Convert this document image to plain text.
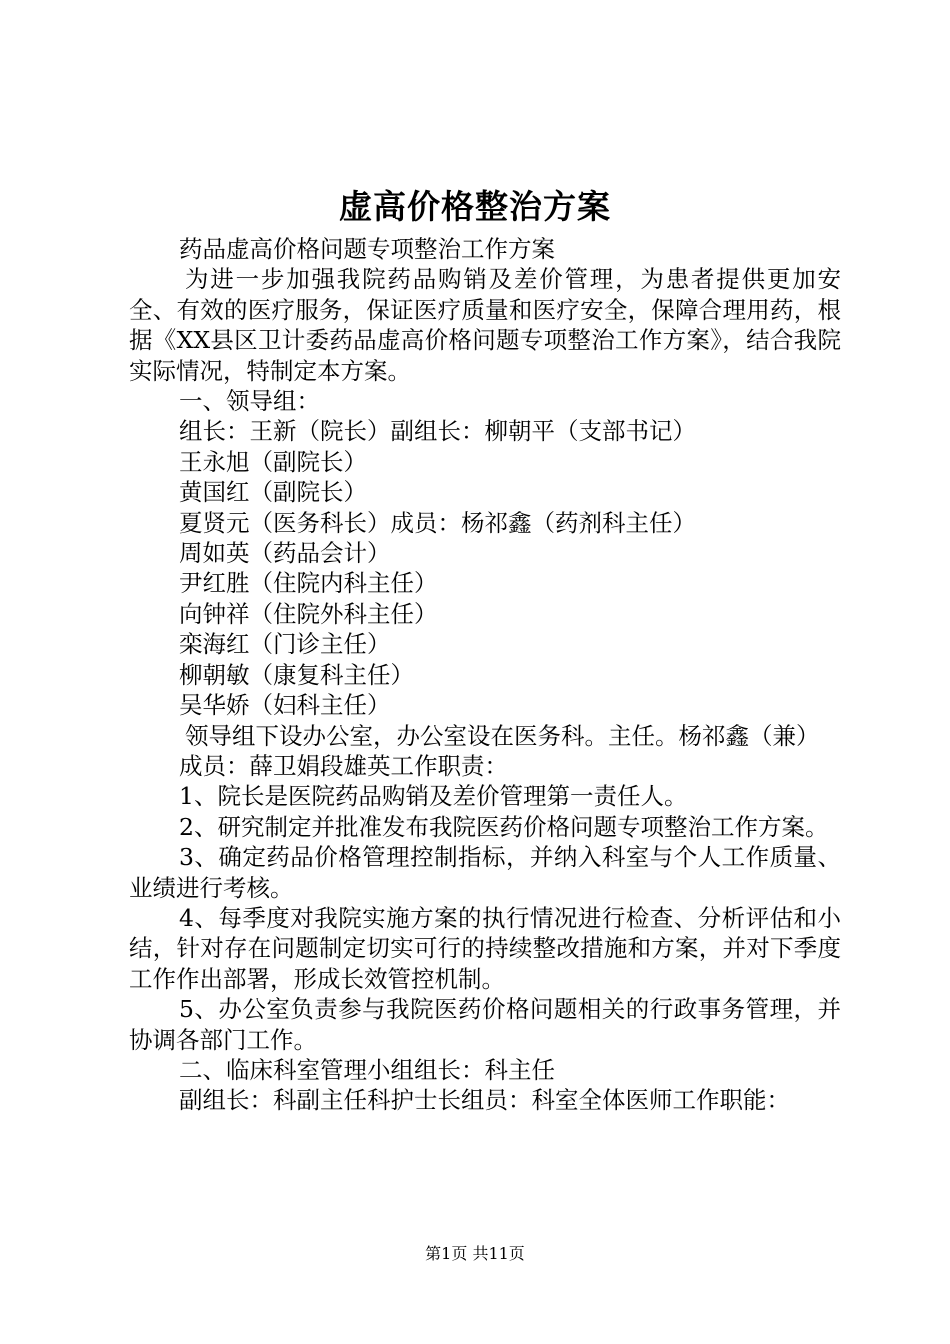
虚高价格整治方案

药品虚高价格问题专项整治工作方案

为进一步加强我院药品购销及差价管理，为患者提供更加安全、有效的医疗服务，保证医疗质量和医疗安全，保障合理用药，根据《XX县区卫计委药品虚高价格问题专项整治工作方案》，结合我院实际情况，特制定本方案。

一、领导组：

组长：王新（院长）副组长：柳朝平（支部书记）

王永旭（副院长）

黄国红（副院长）

夏贤元（医务科长）成员：杨祁鑫（药剂科主任）

周如英（药品会计）

尹红胜（住院内科主任）

向钟祥（住院外科主任）

栾海红（门诊主任）

柳朝敏（康复科主任）

吴华娇（妇科主任）

领导组下设办公室，办公室设在医务科。主任。杨祁鑫（兼）

成员：薛卫娟段雄英工作职责：

1、院长是医院药品购销及差价管理第一责任人。

2、研究制定并批准发布我院医药价格问题专项整治工作方案。

3、确定药品价格管理控制指标，并纳入科室与个人工作质量、业绩进行考核。

4、每季度对我院实施方案的执行情况进行检查、分析评估和小结，针对存在问题制定切实可行的持续整改措施和方案，并对下季度工作作出部署，形成长效管控机制。

5、办公室负责参与我院医药价格问题相关的行政事务管理，并协调各部门工作。

二、临床科室管理小组组长：科主任

副组长：科副主任科护士长组员：科室全体医师工作职能：

第1页 共11页
